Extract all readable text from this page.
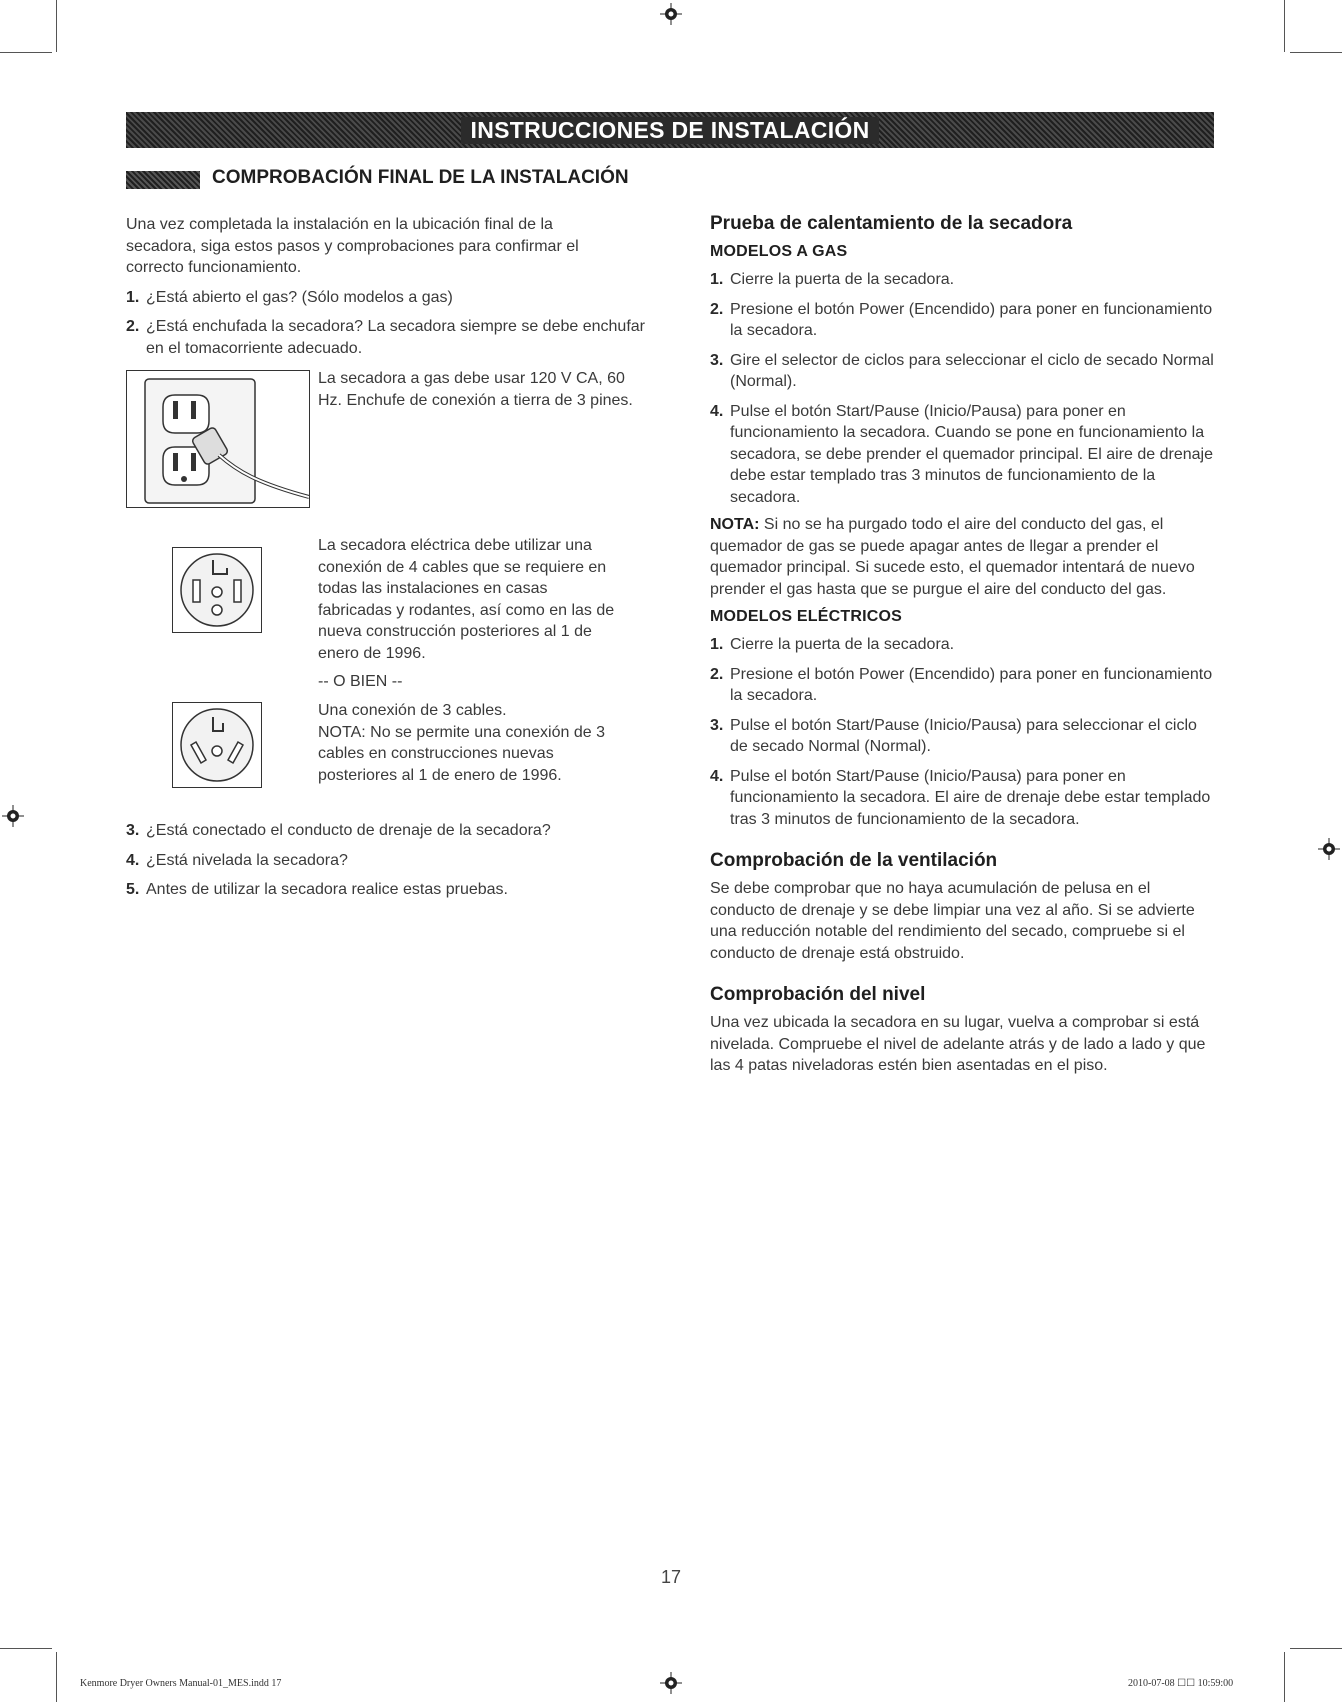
INSTRUCCIONES DE INSTALACIÓN
COMPROBACIÓN FINAL DE LA INSTALACIÓN

Una vez completada la instalación en la ubicación final de la secadora, siga estos pasos y comprobaciones para confirmar el correcto funcionamiento.

1. ¿Está abierto el gas? (Sólo modelos a gas)
2. ¿Está enchufada la secadora? La secadora siempre se debe enchufar en el tomacorriente adecuado.
La secadora a gas debe usar 120 V CA, 60 Hz. Enchufe de conexión a tierra de 3 pines.
La secadora eléctrica debe utilizar una conexión de 4 cables que se requiere en todas las instalaciones en casas fabricadas y rodantes, así como en las de nueva construcción posteriores al 1 de enero de 1996.
-- O BIEN --
Una conexión de 3 cables.
NOTA: No se permite una conexión de 3 cables en construcciones nuevas posteriores al 1 de enero de 1996.
3. ¿Está conectado el conducto de drenaje de la secadora?
4. ¿Está nivelada la secadora?
5. Antes de utilizar la secadora realice estas pruebas.
Prueba de calentamiento de la secadora
MODELOS A GAS
1. Cierre la puerta de la secadora.
2. Presione el botón Power (Encendido) para poner en funcionamiento la secadora.
3. Gire el selector de ciclos para seleccionar el ciclo de secado Normal (Normal).
4. Pulse el botón Start/Pause (Inicio/Pausa) para poner en funcionamiento la secadora. Cuando se pone en funcionamiento la secadora, se debe prender el quemador principal. El aire de drenaje debe estar templado tras 3 minutos de funcionamiento de la secadora.

NOTA: Si no se ha purgado todo el aire del conducto del gas, el quemador de gas se puede apagar antes de llegar a prender el quemador principal. Si sucede esto, el quemador intentará de nuevo prender el gas hasta que se purgue el aire del conducto del gas.

MODELOS ELÉCTRICOS
1. Cierre la puerta de la secadora.
2. Presione el botón Power (Encendido) para poner en funcionamiento la secadora.
3. Pulse el botón Start/Pause (Inicio/Pausa) para seleccionar el ciclo de secado Normal (Normal).
4. Pulse el botón Start/Pause (Inicio/Pausa) para poner en funcionamiento la secadora. El aire de drenaje debe estar templado tras 3 minutos de funcionamiento de la secadora.
Comprobación de la ventilación

Se debe comprobar que no haya acumulación de pelusa en el conducto de drenaje y se debe limpiar una vez al año. Si se advierte una reducción notable del rendimiento del secado, compruebe si el conducto de drenaje está obstruido.

Comprobación del nivel

Una vez ubicada la secadora en su lugar, vuelva a comprobar si está nivelada. Compruebe el nivel de adelante atrás y de lado a lado y que las 4 patas niveladoras estén bien asentadas en el piso.

17
Kenmore Dryer Owners Manual-01_MES.indd 17	2010-07-08 ☐☐ 10:59:00
